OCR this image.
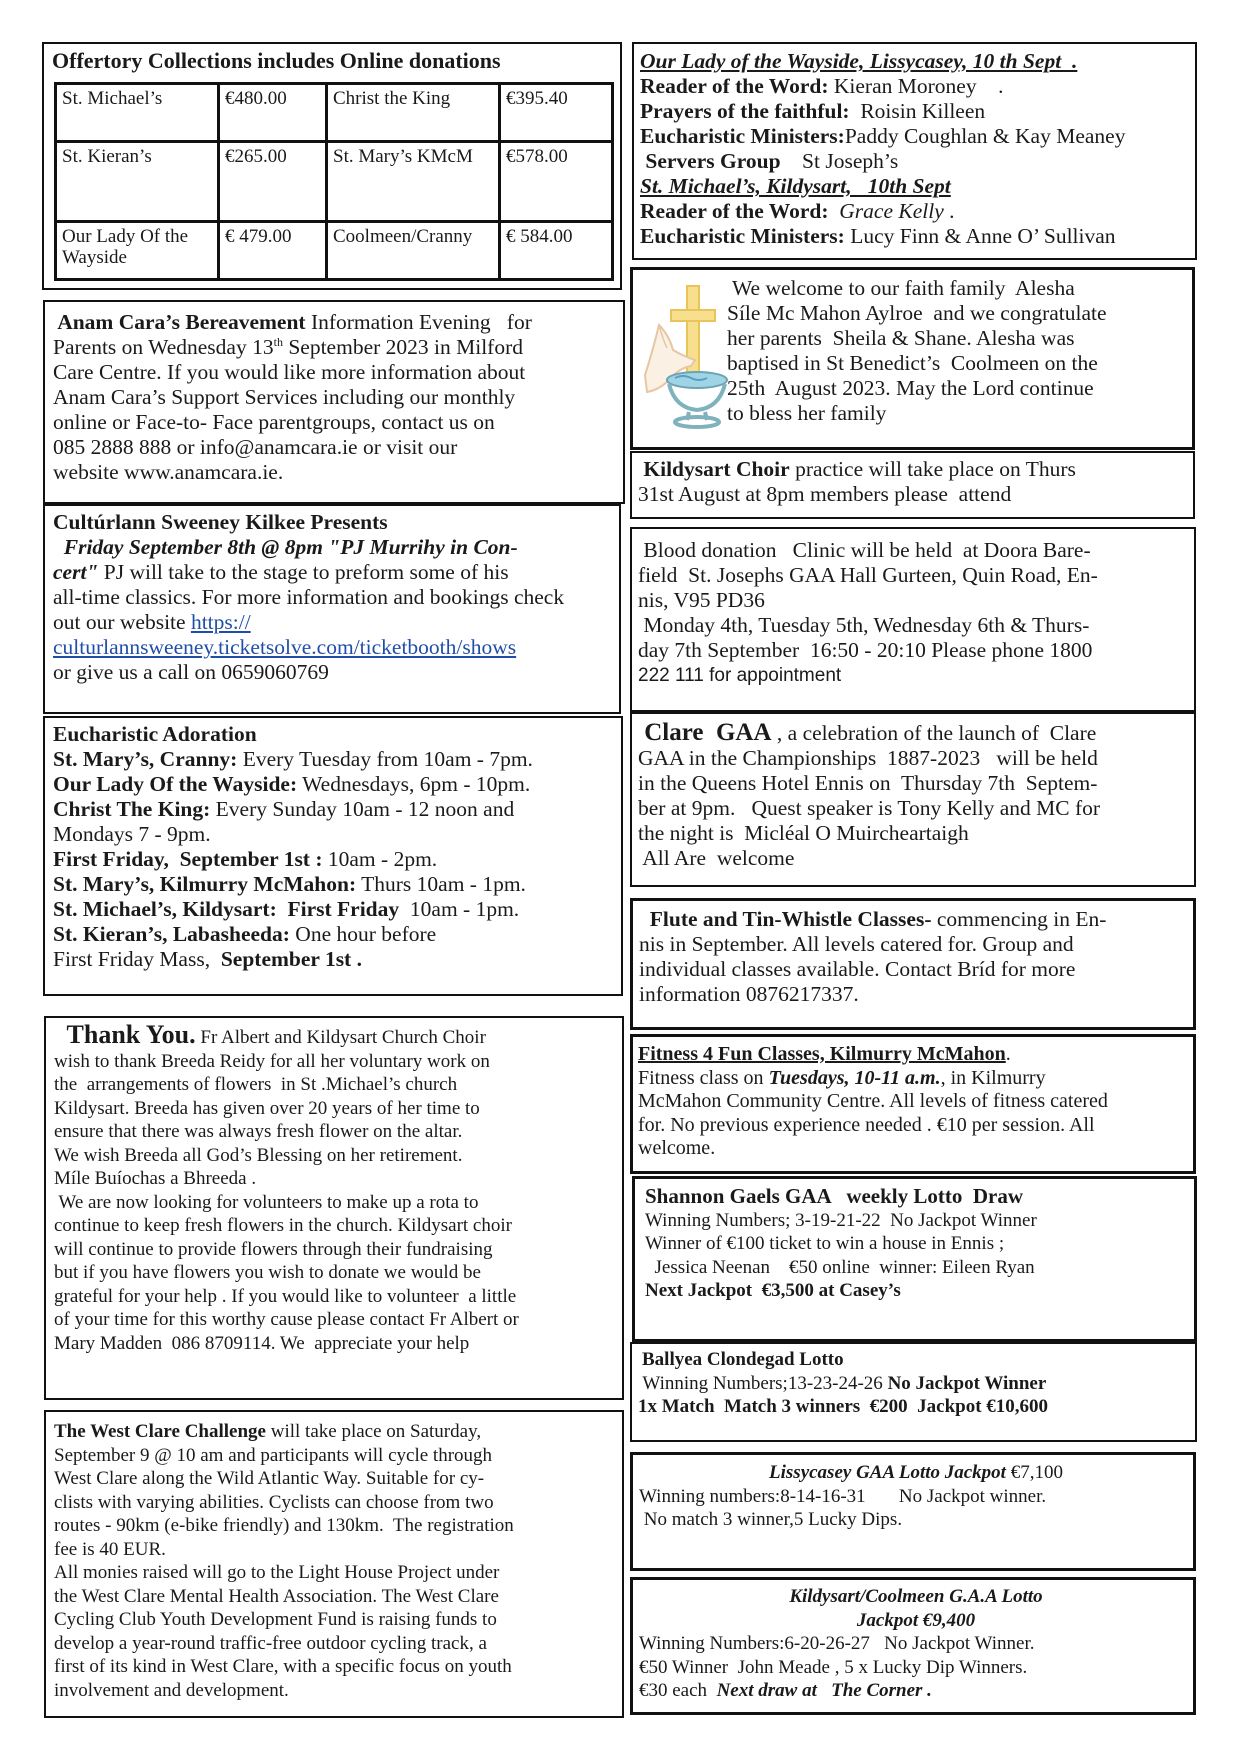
Offertory Collections includes Online donations
St. Michael’s	€480.00	Christ the King	€395.40
St. Kieran’s	€265.00	St. Mary’s KMcM	€578.00
Our Lady Of the Wayside	€ 479.00	Coolmeen/Cranny	€ 584.00
Anam Cara’s Bereavement Information Evening   for
Parents on Wednesday 13th September 2023 in Milford
Care Centre. If you would like more information about
Anam Cara’s Support Services including our monthly
online or Face-to- Face parentgroups, contact us on
085 2888 888 or info@anamcara.ie or visit our
website www.anamcara.ie.
Cultúrlann Sweeney Kilkee Presents
Friday September 8th @ 8pm "PJ Murrihy in Con-
cert" PJ will take to the stage to preform some of his
all-time classics. For more information and bookings check
out our website https://
culturlannsweeney.ticketsolve.com/ticketbooth/shows
or give us a call on 0659060769
Eucharistic Adoration
St. Mary’s, Cranny: Every Tuesday from 10am - 7pm.
Our Lady Of the Wayside: Wednesdays, 6pm - 10pm.
Christ The King: Every Sunday 10am - 12 noon and
Mondays 7 - 9pm.
First Friday,  September 1st : 10am - 2pm.
St. Mary’s, Kilmurry McMahon: Thurs 10am - 1pm.
St. Michael’s, Kildysart:  First Friday  10am - 1pm.
St. Kieran’s, Labasheeda: One hour before
First Friday Mass,  September 1st .
Thank You. Fr Albert and Kildysart Church Choir
wish to thank Breeda Reidy for all her voluntary work on
the  arrangements of flowers  in St .Michael’s church
Kildysart. Breeda has given over 20 years of her time to
ensure that there was always fresh flower on the altar.
We wish Breeda all God’s Blessing on her retirement.
Míle Buíochas a Bhreeda .
We are now looking for volunteers to make up a rota to
continue to keep fresh flowers in the church. Kildysart choir
will continue to provide flowers through their fundraising
but if you have flowers you wish to donate we would be
grateful for your help . If you would like to volunteer  a little
of your time for this worthy cause please contact Fr Albert or
Mary Madden  086 8709114. We  appreciate your help
The West Clare Challenge will take place on Saturday,
September 9 @ 10 am and participants will cycle through
West Clare along the Wild Atlantic Way. Suitable for cy-
clists with varying abilities. Cyclists can choose from two
routes - 90km (e-bike friendly) and 130km.  The registration
fee is 40 EUR.
All monies raised will go to the Light House Project under
the West Clare Mental Health Association. The West Clare
Cycling Club Youth Development Fund is raising funds to
develop a year-round traffic-free outdoor cycling track, a
first of its kind in West Clare, with a specific focus on youth
involvement and development.
Our Lady of the Wayside, Lissycasey, 10 th Sept  .
Reader of the Word: Kieran Moroney    .
Prayers of the faithful:  Roisin Killeen
Eucharistic Ministers:Paddy Coughlan & Kay Meaney
Servers Group    St Joseph’s
St. Michael’s, Kildysart,   10th Sept
Reader of the Word:  Grace Kelly .
Eucharistic Ministers: Lucy Finn & Anne O’ Sullivan
We welcome to our faith family  Alesha
Síle Mc Mahon Aylroe  and we congratulate
her parents  Sheila & Shane. Alesha was
baptised in St Benedict’s  Coolmeen on the
25th  August 2023. May the Lord continue
to bless her family
Kildysart Choir practice will take place on Thurs
31st August at 8pm members please  attend
Blood donation   Clinic will be held  at Doora Bare-
field  St. Josephs GAA Hall Gurteen, Quin Road, En-
nis, V95 PD36
Monday 4th, Tuesday 5th, Wednesday 6th & Thurs-
day 7th September  16:50 - 20:10 Please phone 1800
222 111 for appointment
Clare  GAA , a celebration of the launch of  Clare
GAA in the Championships  1887-2023   will be held
in the Queens Hotel Ennis on  Thursday 7th  Septem-
ber at 9pm.   Quest speaker is Tony Kelly and MC for
the night is  Micléal O Muircheartaigh
All Are  welcome
Flute and Tin-Whistle Classes- commencing in En-
nis in September. All levels catered for. Group and
individual classes available. Contact Bríd for more
information 0876217337.
Fitness 4 Fun Classes, Kilmurry McMahon.
Fitness class on Tuesdays, 10-11 a.m., in Kilmurry
McMahon Community Centre. All levels of fitness catered
for. No previous experience needed . €10 per session. All
welcome.
Shannon Gaels GAA   weekly Lotto  Draw
Winning Numbers; 3-19-21-22  No Jackpot Winner
Winner of €100 ticket to win a house in Ennis ;
Jessica Neenan    €50 online  winner: Eileen Ryan
Next Jackpot  €3,500 at Casey’s
Ballyea Clondegad Lotto
Winning Numbers;13-23-24-26 No Jackpot Winner
1x Match  Match 3 winners  €200  Jackpot €10,600
Lissycasey GAA Lotto Jackpot €7,100
Winning numbers:8-14-16-31       No Jackpot winner.
No match 3 winner,5 Lucky Dips.
Kildysart/Coolmeen G.A.A Lotto
Jackpot €9,400
Winning Numbers:6-20-26-27   No Jackpot Winner.
€50 Winner  John Meade , 5 x Lucky Dip Winners.
€30 each  Next draw at   The Corner .
